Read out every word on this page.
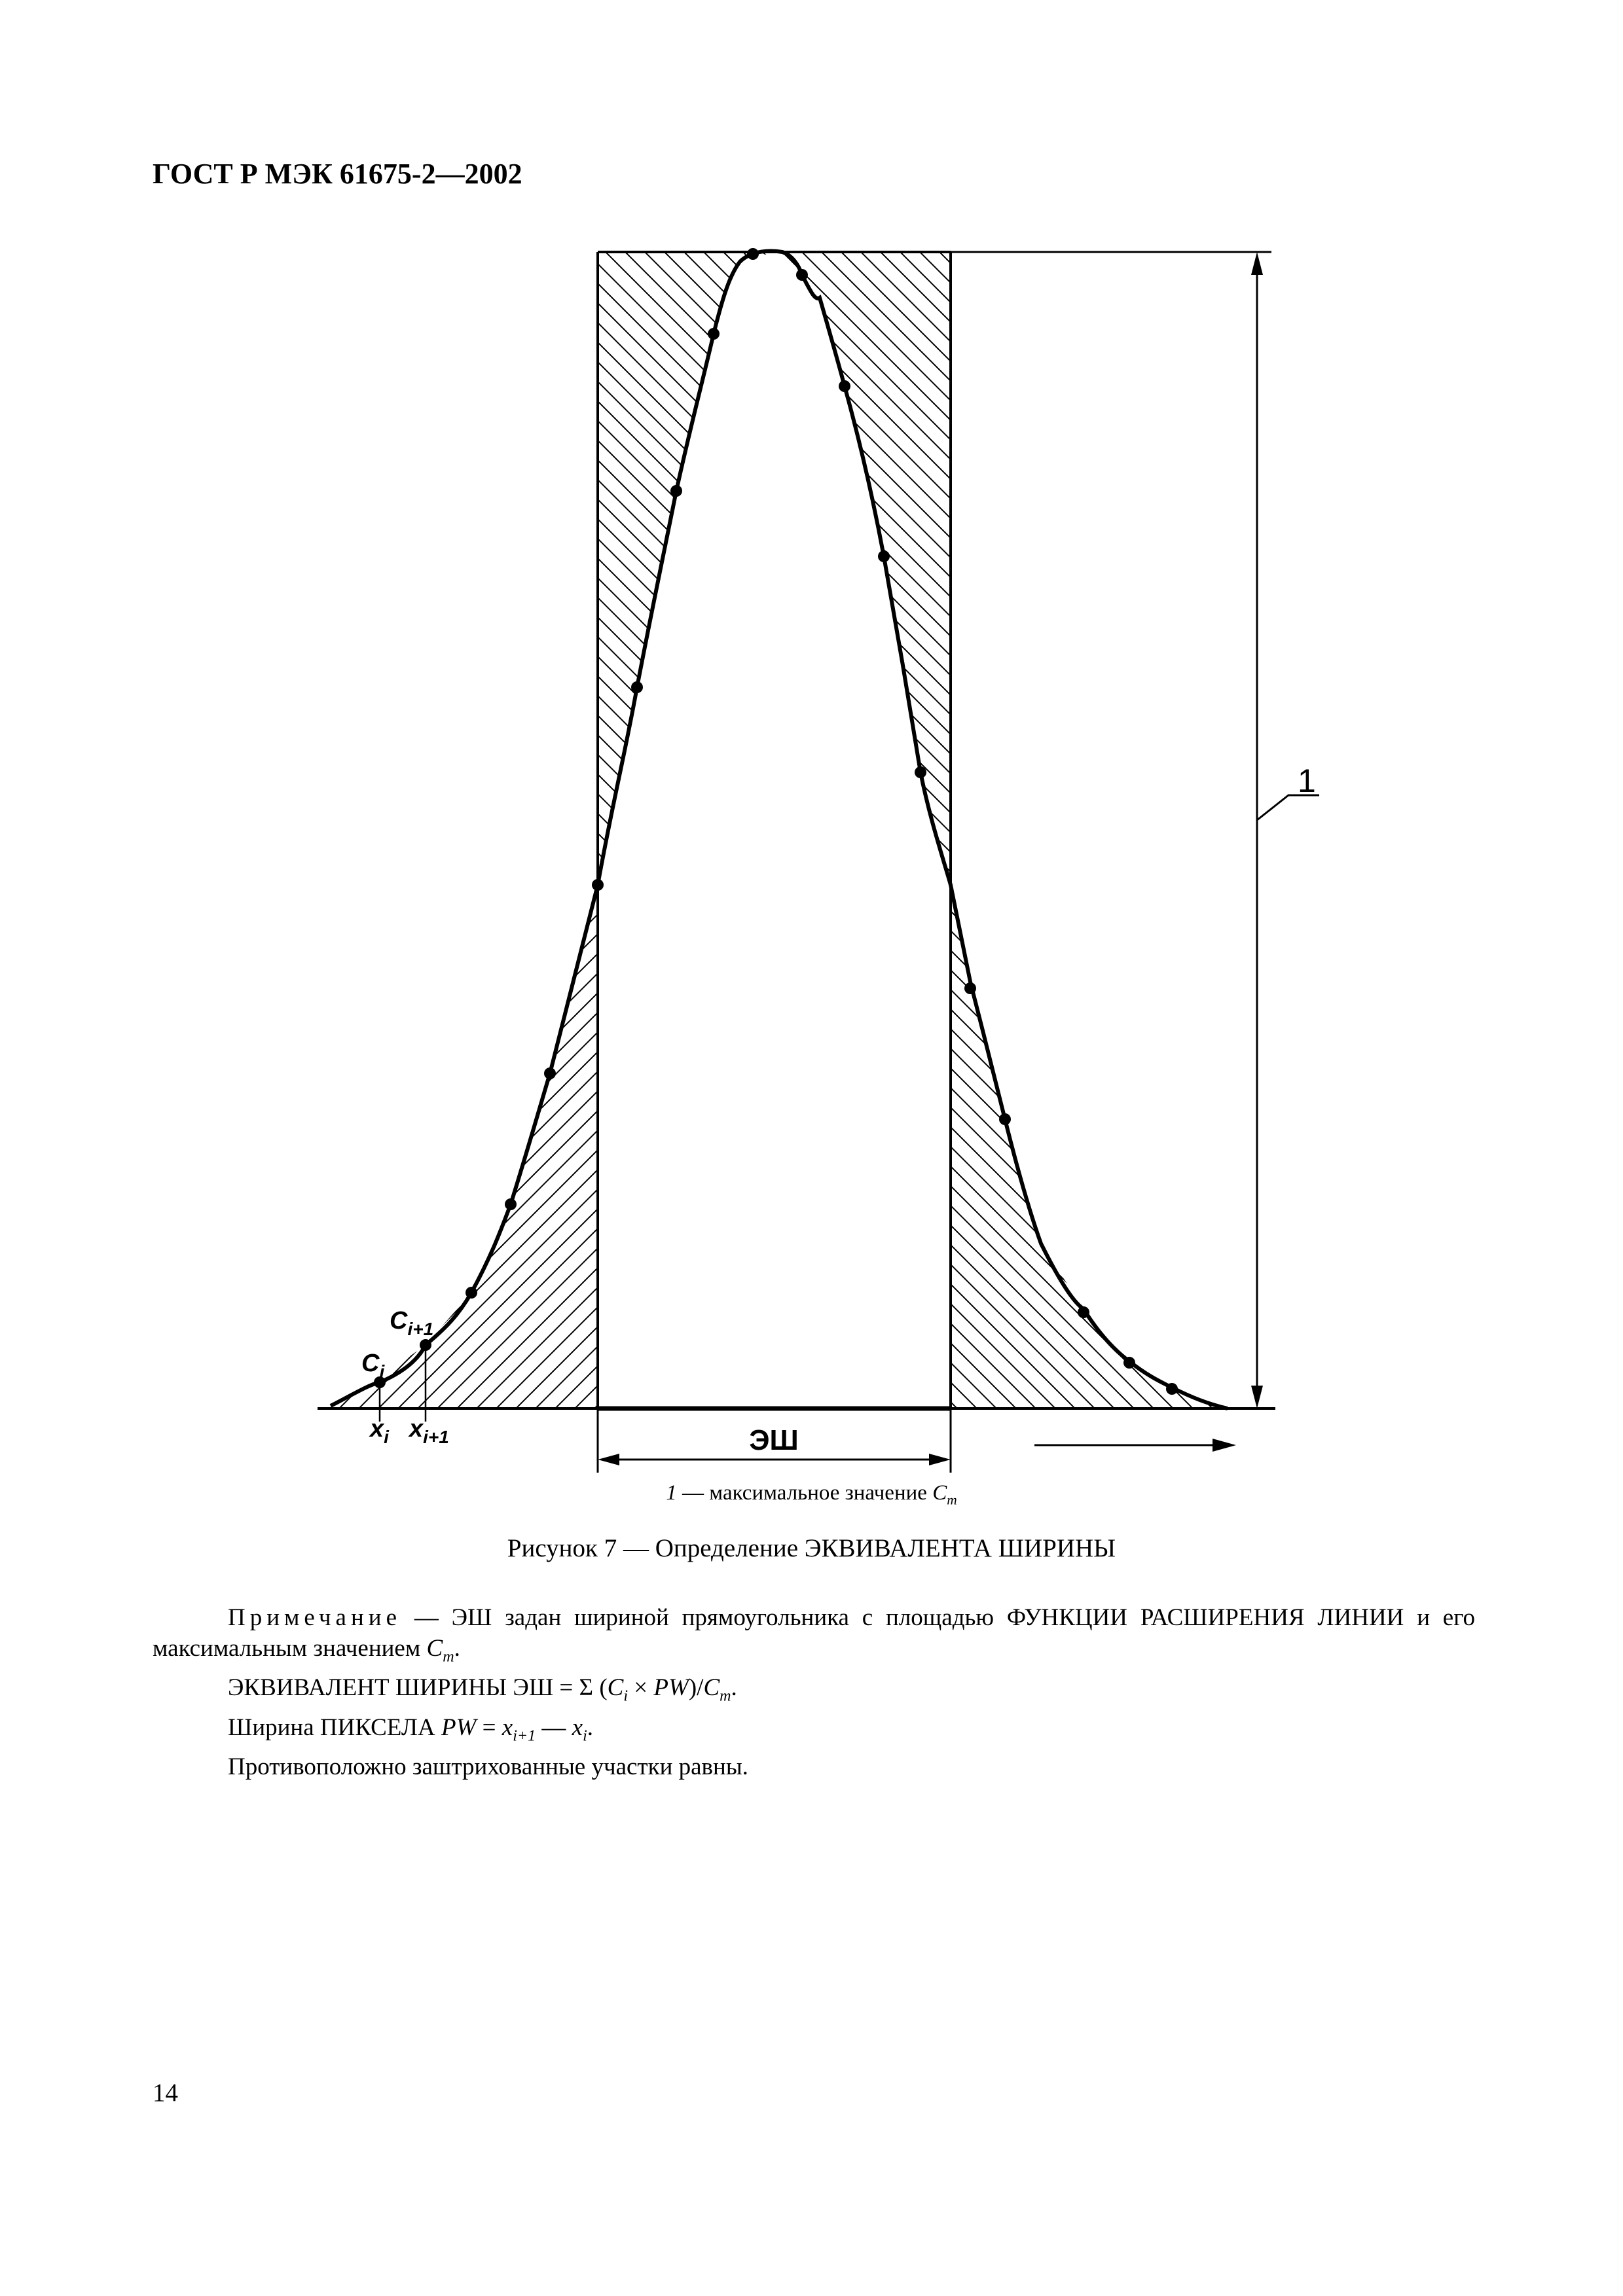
ГОСТ Р МЭК 61675-2—2002
1
ЭШ
$C_i$
$C_{i+1}$
$x_i$ $x_{i+1}$
1 — максимальное значение $C_m$
Рисунок 7 — Определение ЭКВИВАЛЕНТА ШИРИНЫ
Примечание — ЭШ задан шириной прямоугольника с площадью ФУНКЦИИ РАСШИРЕНИЯ ЛИНИИ и его максимальным значением $C_m$.
ЭКВИВАЛЕНТ ШИРИНЫ ЭШ = Σ $(C_i \times PW)/C_m$.
Ширина ПИКСЕЛА PW = $x_{i+1}$ — $x_i$.
Противоположно заштрихованные участки равны.
14
